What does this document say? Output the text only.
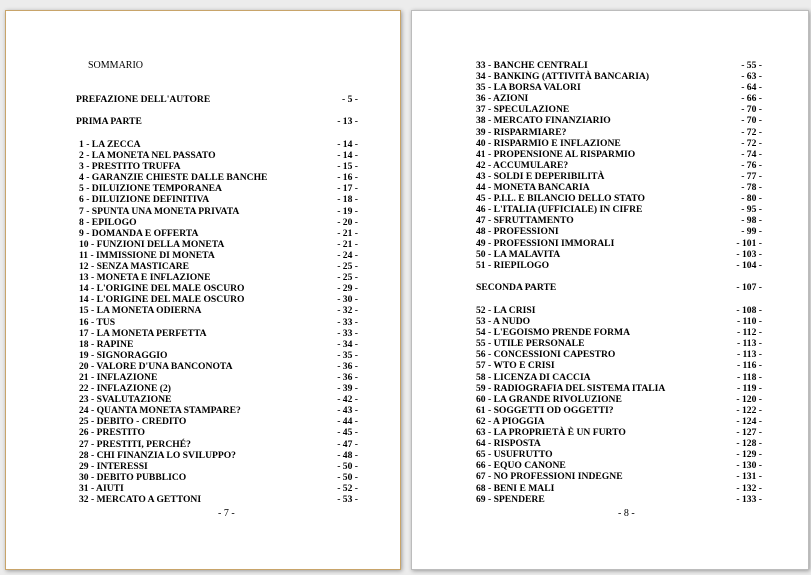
SOMMARIO
PREFAZIONE DELL'AUTORE	- 5 -
PRIMA PARTE	- 13 -
1 - LA ZECCA	- 14 -
2 - LA MONETA NEL PASSATO	- 14 -
3 - PRESTITO TRUFFA	- 15 -
4 - GARANZIE CHIESTE DALLE BANCHE	- 16 -
5 - DILUIZIONE TEMPORANEA	- 17 -
6 - DILUIZIONE DEFINITIVA	- 18 -
7 - SPUNTA UNA MONETA PRIVATA	- 19 -
8 - EPILOGO	- 20 -
9 - DOMANDA E OFFERTA	- 21 -
10 - FUNZIONI DELLA MONETA	- 21 -
11 - IMMISSIONE DI MONETA	- 24 -
12 - SENZA MASTICARE	- 25 -
13 - MONETA E INFLAZIONE	- 25 -
14 - L'ORIGINE DEL MALE OSCURO	- 29 -
14 - L'ORIGINE DEL MALE OSCURO	- 30 -
15 - LA MONETA ODIERNA	- 32 -
16 - TUS	- 33 -
17 - LA MONETA PERFETTA	- 33 -
18 - RAPINE	- 34 -
19 - SIGNORAGGIO	- 35 -
20 - VALORE D'UNA BANCONOTA	- 36 -
21 - INFLAZIONE	- 36 -
22 - INFLAZIONE (2)	- 39 -
23 - SVALUTAZIONE	- 42 -
24 - QUANTA MONETA STAMPARE?	- 43 -
25 - DEBITO - CREDITO	- 44 -
26 - PRESTITO	- 45 -
27 - PRESTITI, PERCHÉ?	- 47 -
28 - CHI FINANZIA LO SVILUPPO?	- 48 -
29 - INTERESSI	- 50 -
30 - DEBITO PUBBLICO	- 50 -
31 - AIUTI	- 52 -
32 - MERCATO A GETTONI	- 53 -
- 7 -
33 - BANCHE CENTRALI	- 55 -
34 - BANKING (ATTIVITÀ BANCARIA)	- 63 -
35 - LA BORSA VALORI	- 64 -
36 - AZIONI	- 66 -
37 - SPECULAZIONE	- 70 -
38 - MERCATO FINANZIARIO	- 70 -
39 - RISPARMIARE?	- 72 -
40 - RISPARMIO E INFLAZIONE	- 72 -
41 - PROPENSIONE AL RISPARMIO	- 74 -
42 - ACCUMULARE?	- 76 -
43 - SOLDI E DEPERIBILITÀ	- 77 -
44 - MONETA BANCARIA	- 78 -
45 - P.I.L. E BILANCIO DELLO STATO	- 80 -
46 - L'ITALIA (UFFICIALE) IN CIFRE	- 95 -
47 - SFRUTTAMENTO	- 98 -
48 - PROFESSIONI	- 99 -
49 - PROFESSIONI IMMORALI	- 101 -
50 - LA MALAVITA	- 103 -
51 - RIEPILOGO	- 104 -
SECONDA PARTE	- 107 -
52 - LA CRISI	- 108 -
53 - A NUDO	- 110 -
54 - L'EGOISMO PRENDE FORMA	- 112 -
55 - UTILE PERSONALE	- 113 -
56 - CONCESSIONI CAPESTRO	- 113 -
57 - WTO E CRISI	- 116 -
58 - LICENZA DI CACCIA	- 118 -
59 - RADIOGRAFIA DEL SISTEMA ITALIA	- 119 -
60 - LA GRANDE RIVOLUZIONE	- 120 -
61 - SOGGETTI OD OGGETTI?	- 122 -
62 - A PIOGGIA	- 124 -
63 - LA PROPRIETÀ È UN FURTO	- 127 -
64 - RISPOSTA	- 128 -
65 - USUFRUTTO	- 129 -
66 - EQUO CANONE	- 130 -
67 - NO PROFESSIONI INDEGNE	- 131 -
68 - BENI E MALI	- 132 -
69 - SPENDERE	- 133 -
- 8 -
